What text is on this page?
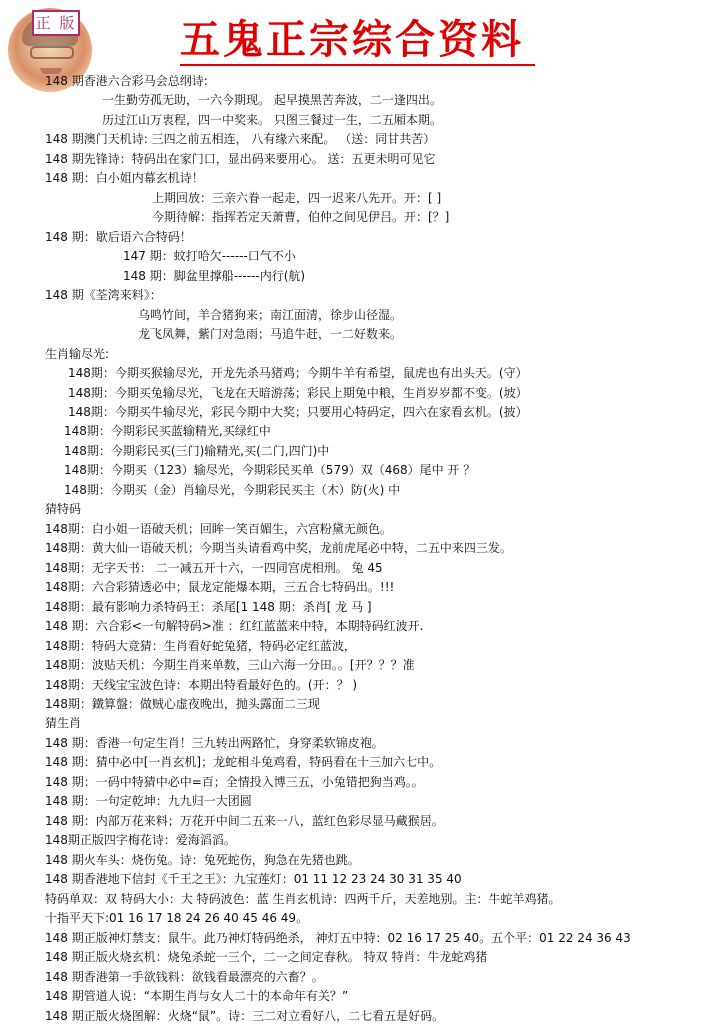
正 版	五鬼正宗综合资料
148 期香港六合彩马会总纲诗:
一生勤劳孤无助，一六今期现。 起早摸黑苦奔波，二一逢四出。
历过江山万衷程，四一中奖来。 只图三餐过一生，二五厢本期。
148 期澳门天机诗: 三四之前五相连， 八有缘六来配。 （送：同甘共苦）
148 期先锋诗：特码出在家门口，显出码来要用心。 送：五更未明可见它
148 期：白小姐内幕玄机诗！
上期回放：三亲六眷一起走，四一迟来八先开。开：[ ]
今期待解：指挥若定天萧曹，伯仲之间见伊吕。开：[？]
148 期：歇后语六合特码！
147 期：蚊打哈欠------口气不小
148 期：脚盆里撑船------内行(航)
148 期《荃湾来料》：
乌鸣竹间，羊合猪狗来；南江面清，徐步山径湿。
龙飞凤舞，紫门对急雨；马追牛赶，一二好数来。
生肖输尽光:
148期：今期买猴输尽光，开龙先杀马猪鸡；今期牛羊有希望，鼠虎也有出头天。(守）
148期：今期买兔输尽光，飞龙在天暗游荡；彩民上期兔中粮，生肖岁岁都不变。(坡）
148期：今期买牛输尽光，彩民今期中大奖；只要用心特码定，四六在家看玄机。(披）
148期：今期彩民买蓝输精光,买绿红中
148期：今期彩民买(三门)输精光,买(二门,四门)中
148期：今期买（123）输尽光，今期彩民买单（579）双（468）尾中 开 ？
148期：今期买（金）肖输尽光，今期彩民买主（木）防(火) 中
猜特码
148期：白小姐一语破天机；回眸一笑百媚生，六宫粉黛无颜色。
148期：黄大仙一语破天机；今期当头请看鸡中奖，龙前虎尾必中特，二五中来四三发。
148期：无字天书： 二一减五开十六，一四同宫虎相刑。 兔 45
148期：六合彩猜透必中；鼠龙定能爆本期，三五合七特码出。!!!
148期：最有影响力杀特码王：杀尾[1 148 期：杀肖[ 龙 马 ]
148 期：六合彩<一句解特码>准 ：红红蓝蓝来中特，本期特码红波开.
148期：特码大竞猜：生肖看好蛇兔猪，特码必定红蓝波，
148期：波贴天机：今期生肖来单数，三山六海一分田。。[开？？？准
148期：天线宝宝波色诗：本期出特看最好色的。(开：？ )
148期：鐵算盤：做贼心虚夜晚出，抛头露面二三现
猜生肖
148 期：香港一句定生肖！三九转出两路忙，身穿柔软锦皮袍。
148 期：猜中必中[一肖玄机]；龙蛇相斗兔鸡看，特码看在十三加六七中。
148 期：一码中特猜中必中=百；全情投入博三五，小兔错把狗当鸡。。
148 期：一句定乾坤：九九归一大团圆
148 期：内部万花来料；万花开中间二五来一八，蓝红色彩尽显马藏猴居。
148期正版四字梅花诗：爱海滔滔。
148 期火车头：烧伤兔。诗：兔死蛇伤，狗急在先猪也跳。
148 期香港地下信封《千王之王》：九宝莲灯：01 11 12 23 24 30 31 35 40
特码单双：双 特码大小：大 特码波色：蓝 生肖玄机诗：四两千斤，天差地别。主：牛蛇羊鸡猪。
十指平天下:01 16 17 18 24 26 40 45 46 49。
148 期正版神灯禁支：鼠牛。此乃神灯特码绝杀， 神灯五中特：02 16 17 25 40。五个平：01 22 24 36 43
148 期正版火烧玄机：烧兔杀蛇一三个，二一之间定春秋。 特双 特肖：牛龙蛇鸡猪
148 期香港第一手欲钱料：欲钱看最漂亮的六畜？。
148 期管道人说：“本期生肖与女人二十的本命年有关？”
148 期正版火烧图解：火烧“鼠”。诗：三二对立看好八，二七看五是好码。
